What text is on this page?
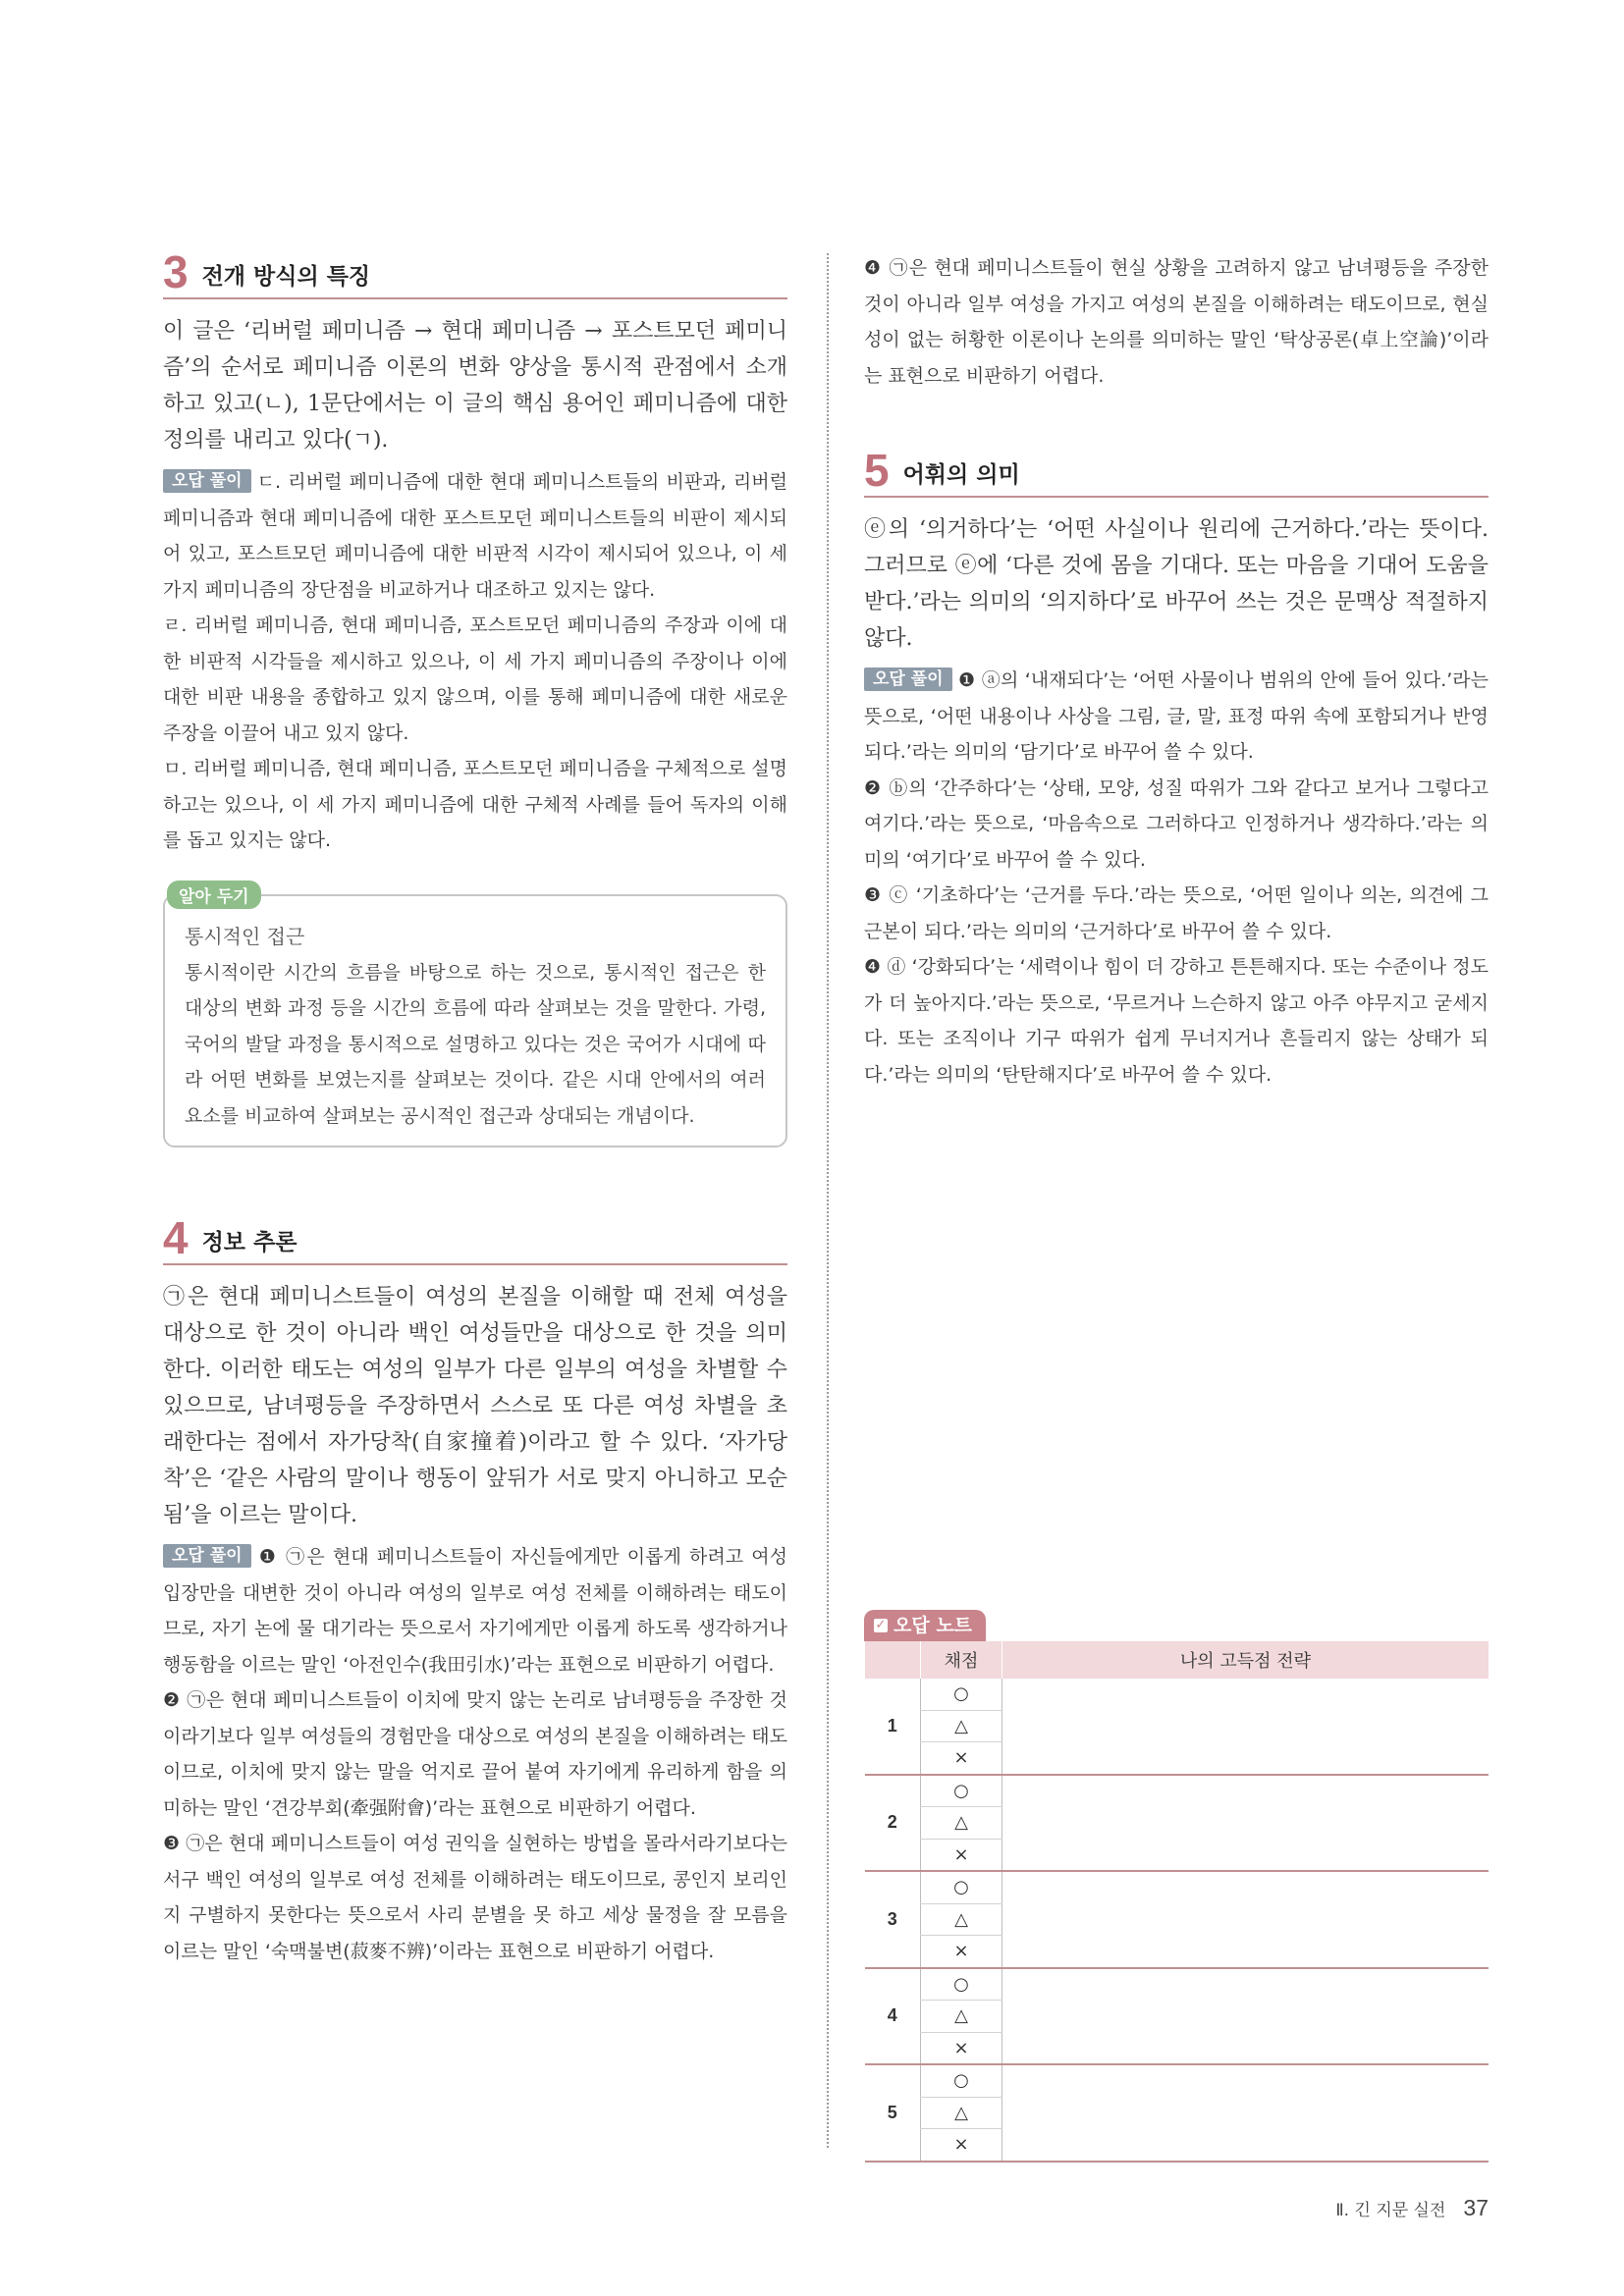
3 전개 방식의 특징

이 글은 ‘리버럴 페미니즘 → 현대 페미니즘 → 포스트모던 페미니즘’의 순서로 페미니즘 이론의 변화 양상을 통시적 관점에서 소개하고 있고(ㄴ), 1문단에서는 이 글의 핵심 용어인 페미니즘에 대한 정의를 내리고 있다(ㄱ).

오답 풀이 ㄷ. 리버럴 페미니즘에 대한 현대 페미니스트들의 비판과, 리버럴 페미니즘과 현대 페미니즘에 대한 포스트모던 페미니스트들의 비판이 제시되어 있고, 포스트모던 페미니즘에 대한 비판적 시각이 제시되어 있으나, 이 세 가지 페미니즘의 장단점을 비교하거나 대조하고 있지는 않다.

ㄹ. 리버럴 페미니즘, 현대 페미니즘, 포스트모던 페미니즘의 주장과 이에 대한 비판적 시각들을 제시하고 있으나, 이 세 가지 페미니즘의 주장이나 이에 대한 비판 내용을 종합하고 있지 않으며, 이를 통해 페미니즘에 대한 새로운 주장을 이끌어 내고 있지 않다.

ㅁ. 리버럴 페미니즘, 현대 페미니즘, 포스트모던 페미니즘을 구체적으로 설명하고는 있으나, 이 세 가지 페미니즘에 대한 구체적 사례를 들어 독자의 이해를 돕고 있지는 않다.

알아 두기

통시적인 접근

통시적이란 시간의 흐름을 바탕으로 하는 것으로, 통시적인 접근은 한 대상의 변화 과정 등을 시간의 흐름에 따라 살펴보는 것을 말한다. 가령, 국어의 발달 과정을 통시적으로 설명하고 있다는 것은 국어가 시대에 따라 어떤 변화를 보였는지를 살펴보는 것이다. 같은 시대 안에서의 여러 요소를 비교하여 살펴보는 공시적인 접근과 상대되는 개념이다.

4 정보 추론

㉠은 현대 페미니스트들이 여성의 본질을 이해할 때 전체 여성을 대상으로 한 것이 아니라 백인 여성들만을 대상으로 한 것을 의미한다. 이러한 태도는 여성의 일부가 다른 일부의 여성을 차별할 수 있으므로, 남녀평등을 주장하면서 스스로 또 다른 여성 차별을 초래한다는 점에서 자가당착(自家撞着)이라고 할 수 있다. ‘자가당착’은 ‘같은 사람의 말이나 행동이 앞뒤가 서로 맞지 아니하고 모순됨’을 이르는 말이다.

오답 풀이 ❶ ㉠은 현대 페미니스트들이 자신들에게만 이롭게 하려고 여성 입장만을 대변한 것이 아니라 여성의 일부로 여성 전체를 이해하려는 태도이므로, 자기 논에 물 대기라는 뜻으로서 자기에게만 이롭게 하도록 생각하거나 행동함을 이르는 말인 ‘아전인수(我田引水)’라는 표현으로 비판하기 어렵다.

❷ ㉠은 현대 페미니스트들이 이치에 맞지 않는 논리로 남녀평등을 주장한 것이라기보다 일부 여성들의 경험만을 대상으로 여성의 본질을 이해하려는 태도이므로, 이치에 맞지 않는 말을 억지로 끌어 붙여 자기에게 유리하게 함을 의미하는 말인 ‘견강부회(牽强附會)’라는 표현으로 비판하기 어렵다.

❸ ㉠은 현대 페미니스트들이 여성 권익을 실현하는 방법을 몰라서라기보다는 서구 백인 여성의 일부로 여성 전체를 이해하려는 태도이므로, 콩인지 보리인지 구별하지 못한다는 뜻으로서 사리 분별을 못 하고 세상 물정을 잘 모름을 이르는 말인 ‘숙맥불변(菽麥不辨)’이라는 표현으로 비판하기 어렵다.

❹ ㉠은 현대 페미니스트들이 현실 상황을 고려하지 않고 남녀평등을 주장한 것이 아니라 일부 여성을 가지고 여성의 본질을 이해하려는 태도이므로, 현실성이 없는 허황한 이론이나 논의를 의미하는 말인 ‘탁상공론(卓上空論)’이라는 표현으로 비판하기 어렵다.

5 어휘의 의미

ⓔ의 ‘의거하다’는 ‘어떤 사실이나 원리에 근거하다.’라는 뜻이다. 그러므로 ⓔ에 ‘다른 것에 몸을 기대다. 또는 마음을 기대어 도움을 받다.’라는 의미의 ‘의지하다’로 바꾸어 쓰는 것은 문맥상 적절하지 않다.

오답 풀이 ❶ ⓐ의 ‘내재되다’는 ‘어떤 사물이나 범위의 안에 들어 있다.’라는 뜻으로, ‘어떤 내용이나 사상을 그림, 글, 말, 표정 따위 속에 포함되거나 반영되다.’라는 의미의 ‘담기다’로 바꾸어 쓸 수 있다.

❷ ⓑ의 ‘간주하다’는 ‘상태, 모양, 성질 따위가 그와 같다고 보거나 그렇다고 여기다.’라는 뜻으로, ‘마음속으로 그러하다고 인정하거나 생각하다.’라는 의미의 ‘여기다’로 바꾸어 쓸 수 있다.

❸ ⓒ ‘기초하다’는 ‘근거를 두다.’라는 뜻으로, ‘어떤 일이나 의논, 의견에 그 근본이 되다.’라는 의미의 ‘근거하다’로 바꾸어 쓸 수 있다.

❹ ⓓ ‘강화되다’는 ‘세력이나 힘이 더 강하고 튼튼해지다. 또는 수준이나 정도가 더 높아지다.’라는 뜻으로, ‘무르거나 느슨하지 않고 아주 야무지고 굳세지다. 또는 조직이나 기구 따위가 쉽게 무너지거나 흔들리지 않는 상태가 되다.’라는 의미의 ‘탄탄해지다’로 바꾸어 쓸 수 있다.

✓ 오답 노트
	채점	나의 고득점 전략
1	○	
	△	
	×	
2	○	
	△	
	×	
3	○	
	△	
	×	
4	○	
	△	
	×	
5	○	
	△	
	×	
Ⅱ. 긴 지문 실전 37
